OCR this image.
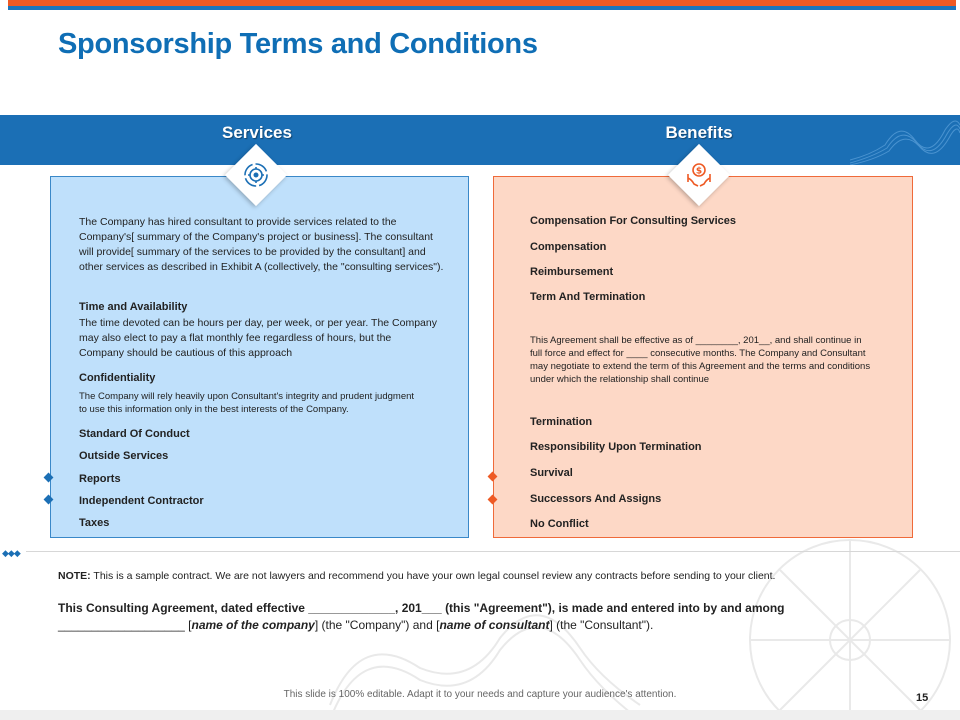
Sponsorship Terms and Conditions
Services	Benefits
The Company has hired consultant to provide services related to the Company's[ summary of the Company's project or business]. The consultant will provide[ summary of the services to be provided by the consultant] and other services as described in Exhibit A (collectively, the "consulting services").
Time and Availability
The time devoted can be hours per day, per week, or per year. The Company may also elect to pay a flat monthly fee regardless of hours, but the Company should be cautious of this approach
Confidentiality
The Company will rely heavily upon Consultant's integrity and prudent judgment to use this information only in the best interests of the Company.
Standard Of Conduct
Outside Services
Reports
Independent Contractor
Taxes
$
Compensation For Consulting Services
Compensation
Reimbursement
Term And Termination
This Agreement shall be effective as of ________, 201__, and shall continue in full force and effect for ____ consecutive months. The Company and Consultant may negotiate to extend the term of this Agreement and the terms and conditions under which the relationship shall continue
Termination
Responsibility Upon Termination
Survival
Successors And Assigns
No Conflict
◆◆◆
NOTE: This is a sample contract. We are not lawyers and recommend you have your own legal counsel review any contracts before sending to your client.
This Consulting Agreement, dated effective _____________, 201___ (this "Agreement"), is made and entered into by and among
___________________ [name of the company] (the "Company") and [name of consultant] (the "Consultant").
This slide is 100% editable. Adapt it to your needs and capture your audience's attention.	15
